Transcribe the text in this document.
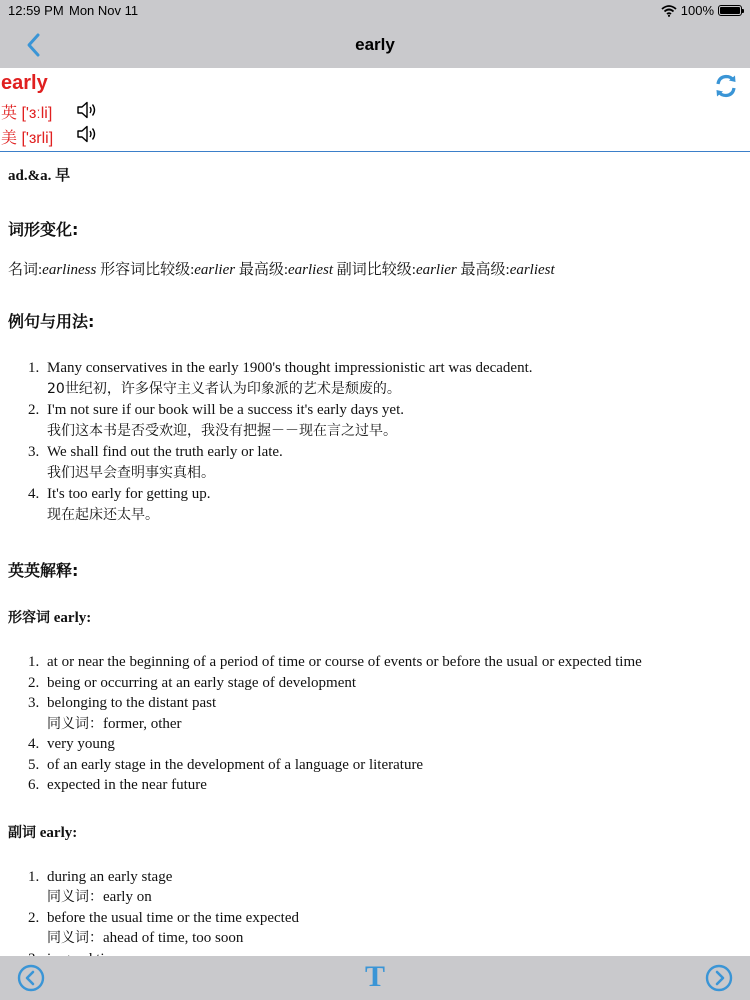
12:59 PM Mon Nov 11	100%
early
early
英 ['ɜːli]
美 ['ɜrli]
ad.&a. 早
词形变化:
名词:earliness 形容词比较级:earlier 最高级:earliest 副词比较级:earlier 最高级:earliest
例句与用法:
1. Many conservatives in the early 1900's thought impressionistic art was decadent.
20世纪初，许多保守主义者认为印象派的艺术是颓废的。
2. I'm not sure if our book will be a success it's early days yet.
我们这本书是否受欢迎，我没有把握－－现在言之过早。
3. We shall find out the truth early or late.
我们迟早会查明事实真相。
4. It's too early for getting up.
现在起床还太早。
英英解释:
形容词 early:
1. at or near the beginning of a period of time or course of events or before the usual or expected time
2. being or occurring at an early stage of development
3. belonging to the distant past
同义词：former, other
4. very young
5. of an early stage in the development of a language or literature
6. expected in the near future
副词 early:
1. during an early stage
同义词：early on
2. before the usual time or the time expected
同义词：ahead of time, too soon
T
